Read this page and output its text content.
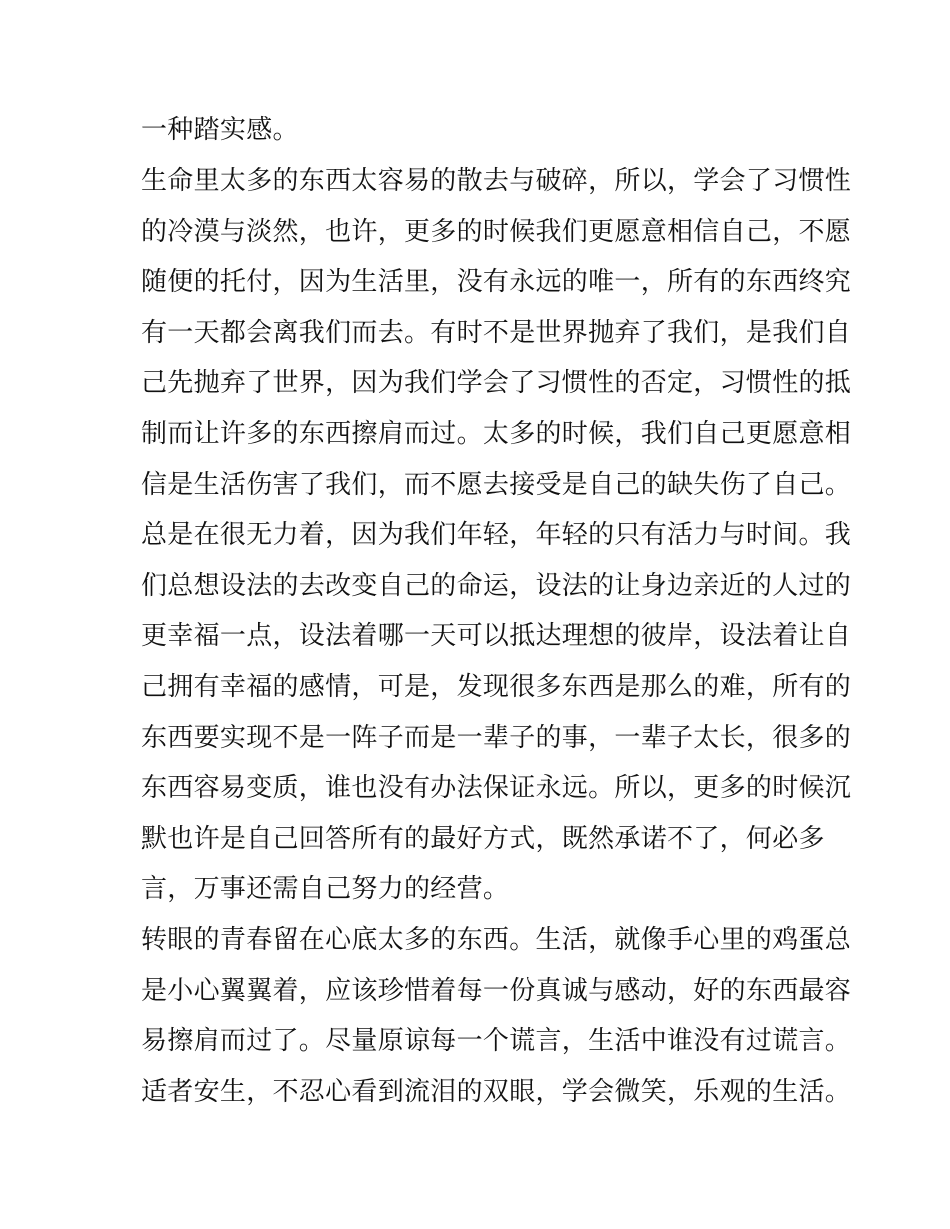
一种踏实感。
生命里太多的东西太容易的散去与破碎，所以，学会了习惯性
的冷漠与淡然，也许，更多的时候我们更愿意相信自己，不愿
随便的托付，因为生活里，没有永远的唯一，所有的东西终究
有一天都会离我们而去。有时不是世界抛弃了我们，是我们自
己先抛弃了世界，因为我们学会了习惯性的否定，习惯性的抵
制而让许多的东西擦肩而过。太多的时候，我们自己更愿意相
信是生活伤害了我们，而不愿去接受是自己的缺失伤了自己。
总是在很无力着，因为我们年轻，年轻的只有活力与时间。我
们总想设法的去改变自己的命运，设法的让身边亲近的人过的
更幸福一点，设法着哪一天可以抵达理想的彼岸，设法着让自
己拥有幸福的感情，可是，发现很多东西是那么的难，所有的
东西要实现不是一阵子而是一辈子的事，一辈子太长，很多的
东西容易变质，谁也没有办法保证永远。所以，更多的时候沉
默也许是自己回答所有的最好方式，既然承诺不了，何必多
言，万事还需自己努力的经营。
转眼的青春留在心底太多的东西。生活，就像手心里的鸡蛋总
是小心翼翼着，应该珍惜着每一份真诚与感动，好的东西最容
易擦肩而过了。尽量原谅每一个谎言，生活中谁没有过谎言。
适者安生，不忍心看到流泪的双眼，学会微笑，乐观的生活。
